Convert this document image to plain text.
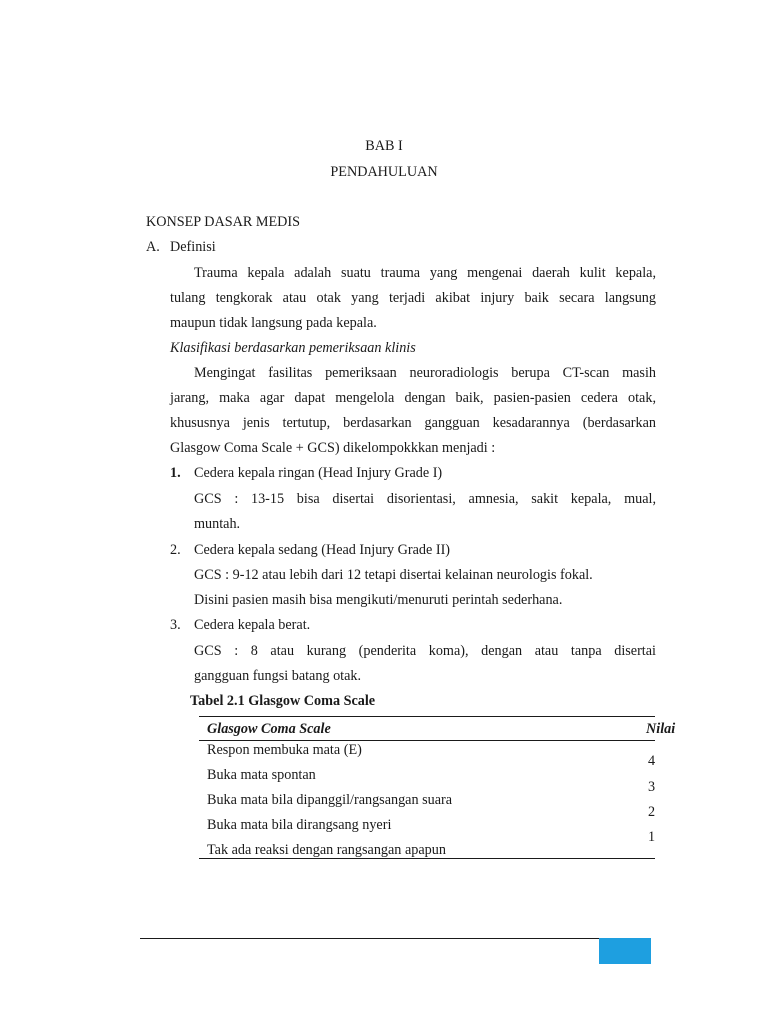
BAB I
PENDAHULUAN
KONSEP DASAR MEDIS
A. Definisi
Trauma kepala adalah suatu trauma yang mengenai daerah kulit kepala,
tulang tengkorak atau otak yang terjadi akibat injury baik secara langsung
maupun tidak langsung pada kepala.
Klasifikasi berdasarkan pemeriksaan klinis
Mengingat fasilitas pemeriksaan neuroradiologis berupa CT-scan masih
jarang, maka agar dapat mengelola dengan baik, pasien-pasien cedera otak,
khususnya jenis tertutup, berdasarkan gangguan kesadarannya (berdasarkan
Glasgow Coma Scale + GCS) dikelompokkkan menjadi :
1. Cedera kepala ringan (Head Injury Grade I)
GCS : 13-15 bisa disertai disorientasi, amnesia, sakit kepala, mual,
muntah.
2. Cedera kepala sedang (Head Injury Grade II)
GCS : 9-12 atau lebih dari 12 tetapi disertai kelainan neurologis fokal.
Disini pasien masih bisa mengikuti/menuruti perintah sederhana.
3. Cedera kepala berat.
GCS : 8 atau kurang (penderita koma), dengan atau tanpa disertai
gangguan fungsi batang otak.
Tabel 2.1 Glasgow Coma Scale
Glasgow Coma Scale	Nilai
Respon membuka mata (E)
Buka mata spontan
Buka mata bila dipanggil/rangsangan suara
Buka mata bila dirangsang nyeri
Tak ada reaksi dengan rangsangan apapun
4
3
2
1
